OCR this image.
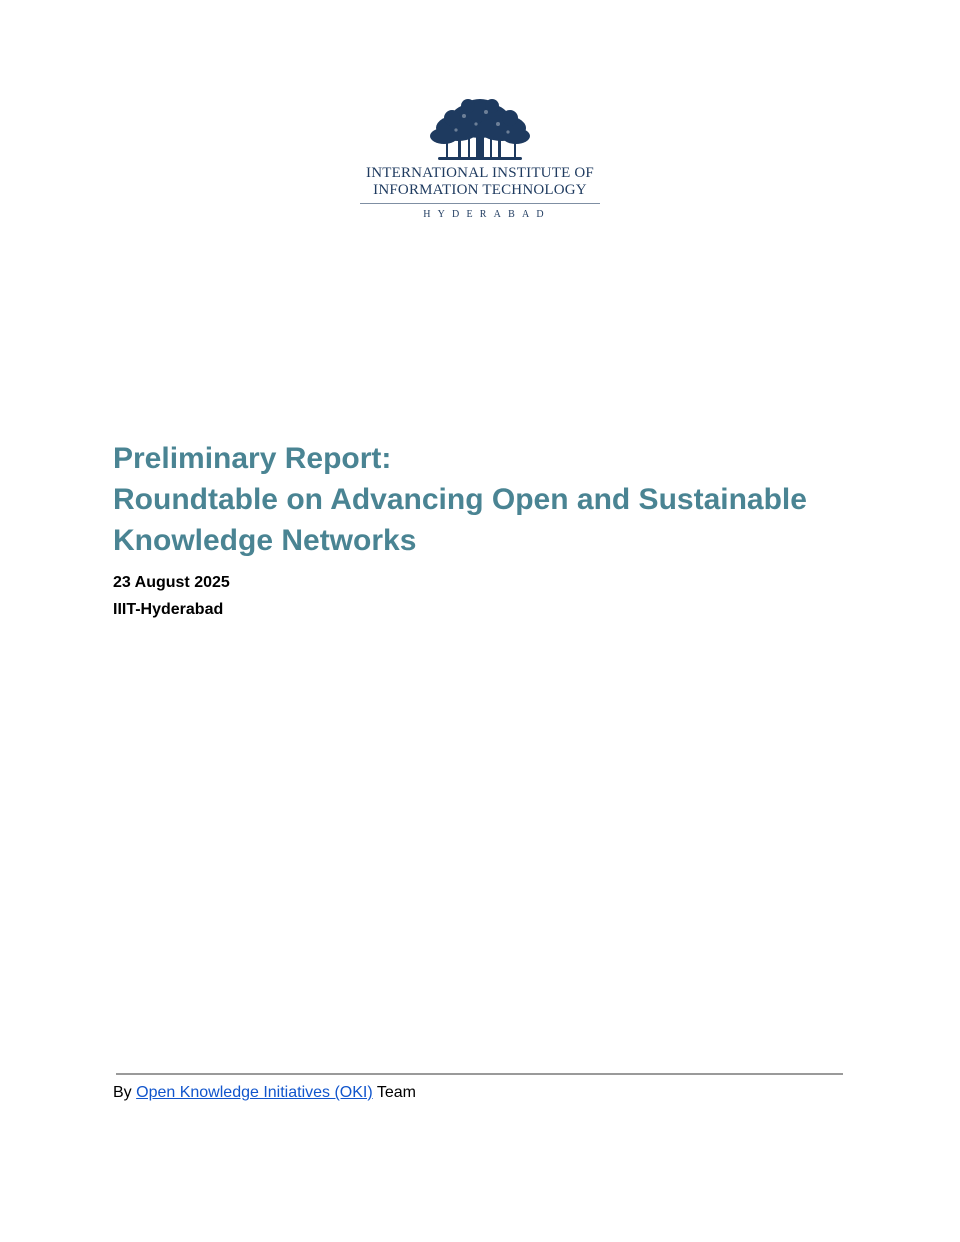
INTERNATIONAL INSTITUTE OF
INFORMATION TECHNOLOGY
HYDERABAD
Preliminary Report:
Roundtable on Advancing Open and Sustainable
Knowledge Networks
23 August 2025
IIIT-Hyderabad
By Open Knowledge Initiatives (OKI) Team
